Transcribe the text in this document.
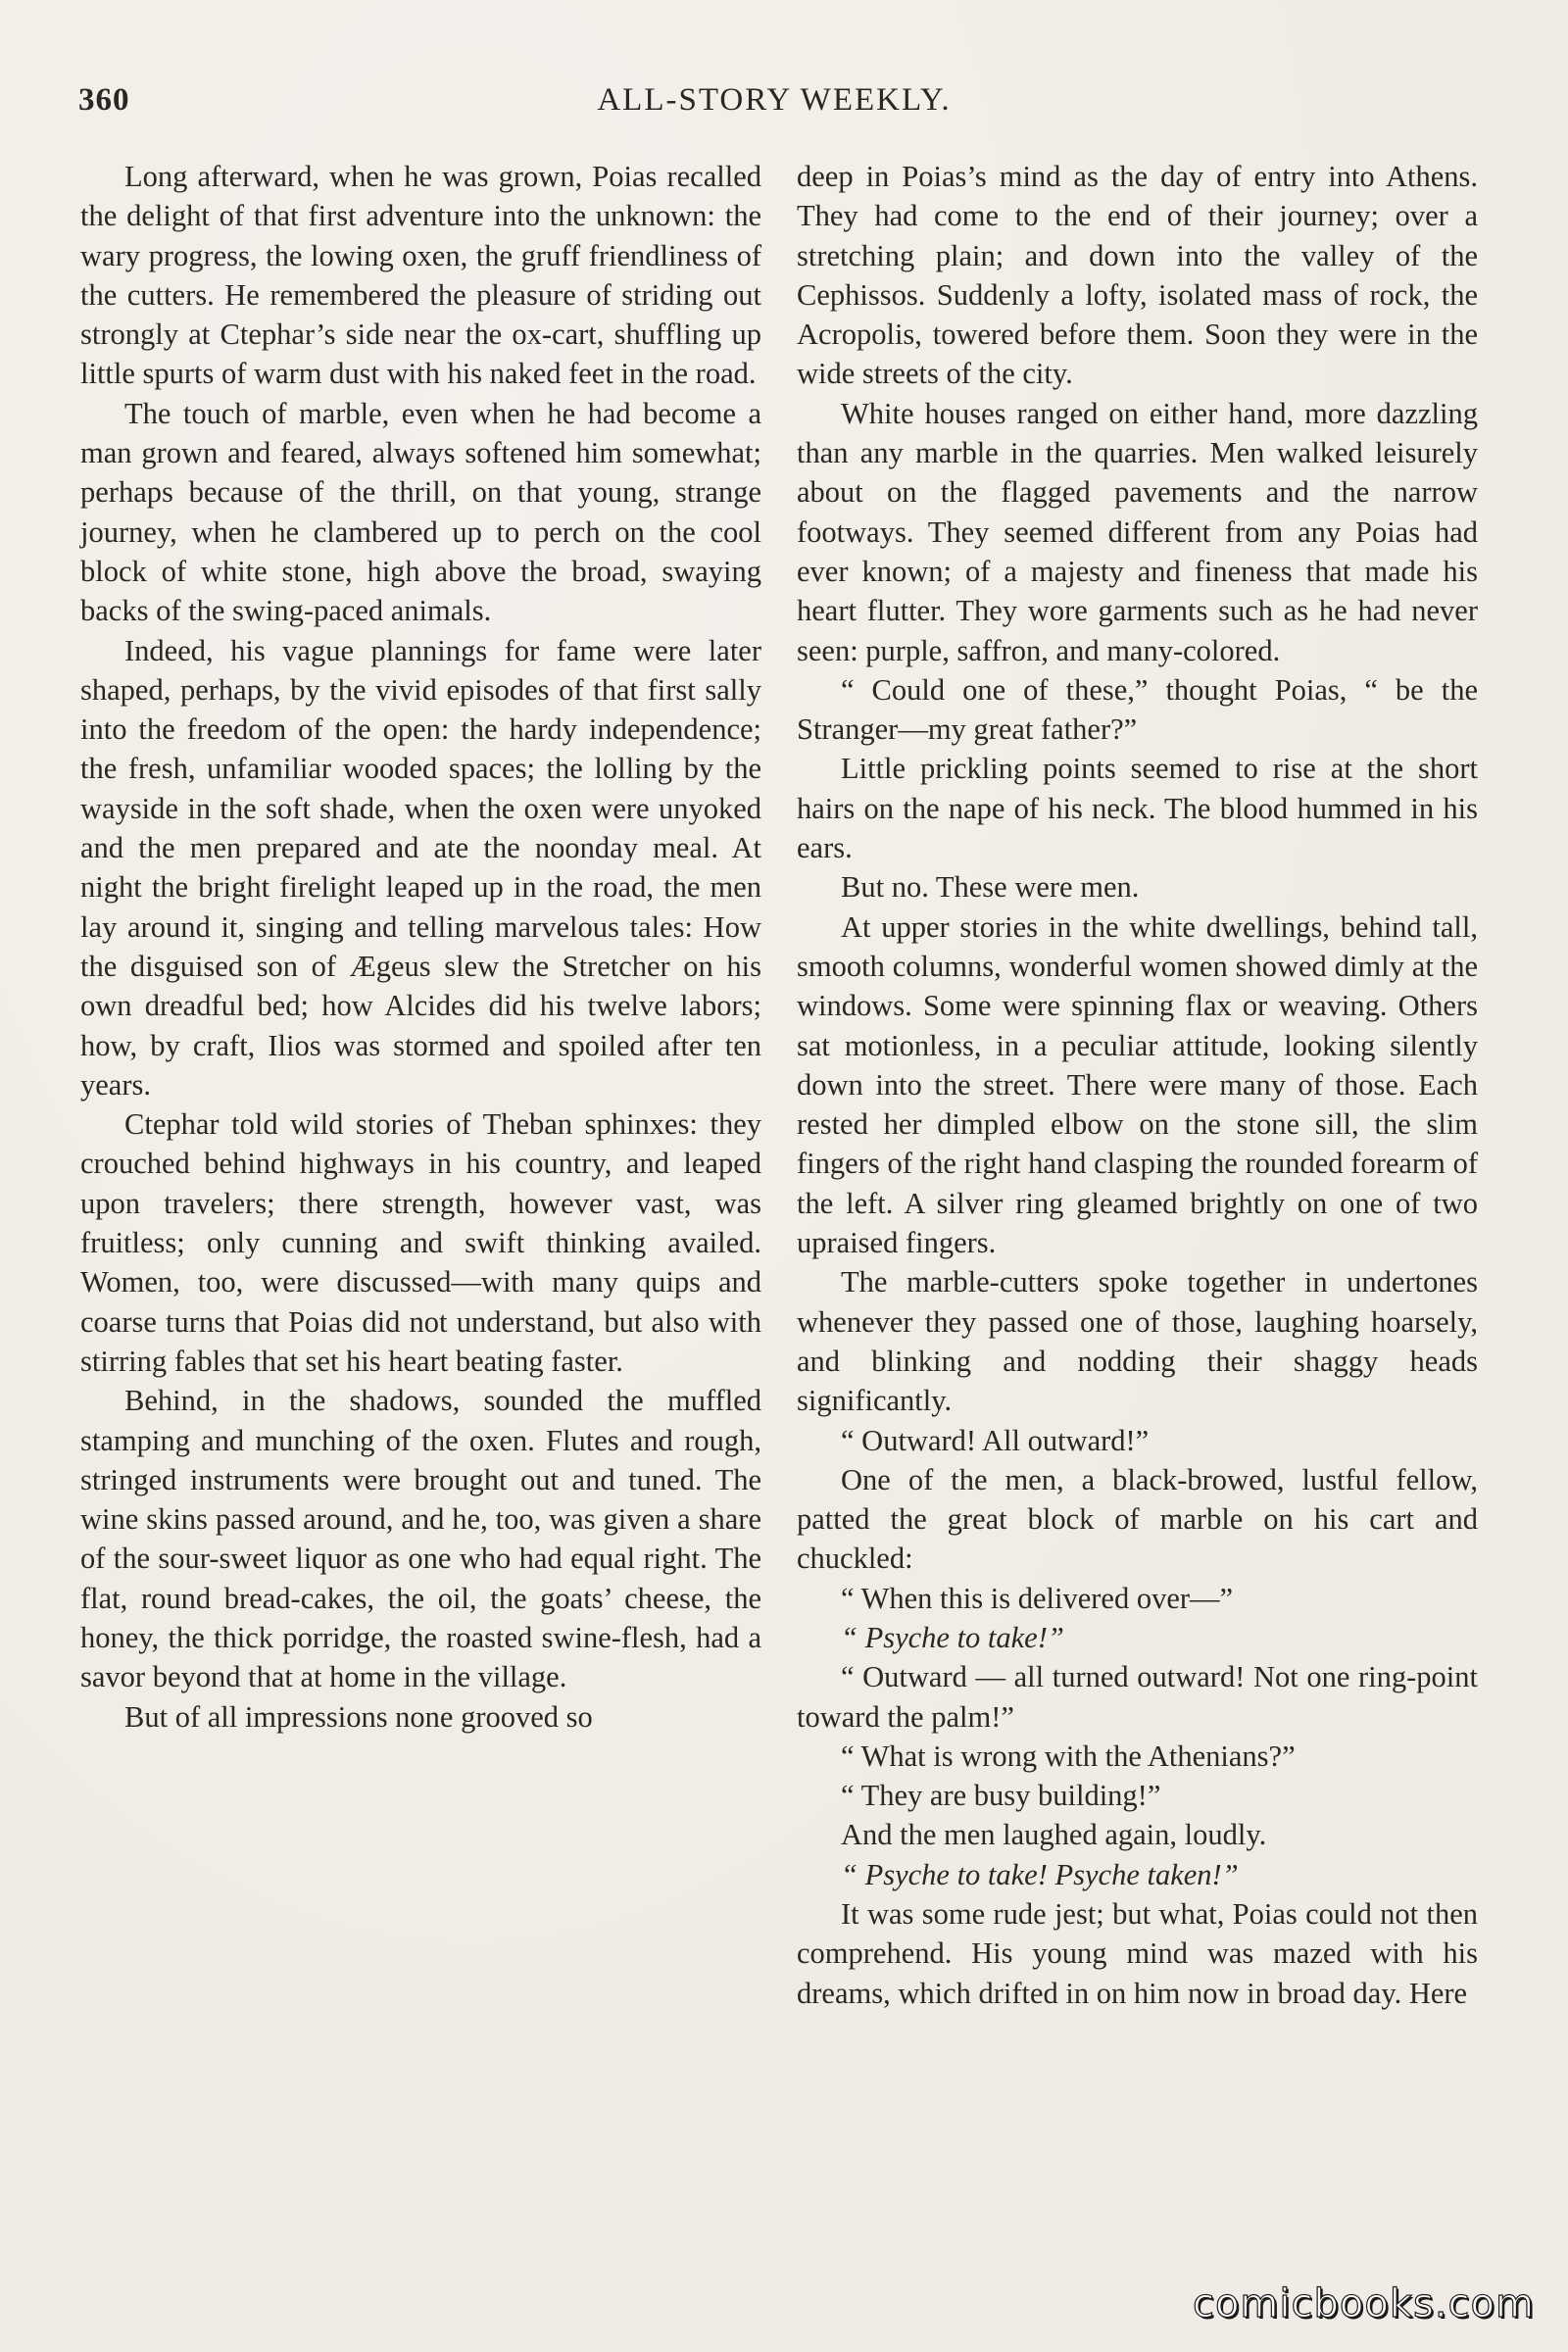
360	ALL-STORY WEEKLY.

Long afterward, when he was grown, Poias recalled the delight of that first adventure into the unknown: the wary progress, the lowing oxen, the gruff friendliness of the cutters. He remembered the pleasure of striding out strongly at Ctephar’s side near the ox-cart, shuffling up little spurts of warm dust with his naked feet in the road.

The touch of marble, even when he had become a man grown and feared, always softened him somewhat; perhaps because of the thrill, on that young, strange journey, when he clambered up to perch on the cool block of white stone, high above the broad, swaying backs of the swing-paced animals.

Indeed, his vague plannings for fame were later shaped, perhaps, by the vivid episodes of that first sally into the freedom of the open: the hardy independence; the fresh, unfamiliar wooded spaces; the lolling by the wayside in the soft shade, when the oxen were unyoked and the men prepared and ate the noonday meal. At night the bright firelight leaped up in the road, the men lay around it, singing and telling marvelous tales: How the disguised son of Ægeus slew the Stretcher on his own dreadful bed; how Alcides did his twelve labors; how, by craft, Ilios was stormed and spoiled after ten years.

Ctephar told wild stories of Theban sphinxes: they crouched behind highways in his country, and leaped upon travelers; there strength, however vast, was fruitless; only cunning and swift thinking availed. Women, too, were discussed—with many quips and coarse turns that Poias did not understand, but also with stirring fables that set his heart beating faster.

Behind, in the shadows, sounded the muffled stamping and munching of the oxen. Flutes and rough, stringed instruments were brought out and tuned. The wine skins passed around, and he, too, was given a share of the sour-sweet liquor as one who had equal right. The flat, round bread-cakes, the oil, the goats’ cheese, the honey, the thick porridge, the roasted swine-flesh, had a savor beyond that at home in the village.

But of all impressions none grooved so

deep in Poias’s mind as the day of entry into Athens. They had come to the end of their journey; over a stretching plain; and down into the valley of the Cephissos. Suddenly a lofty, isolated mass of rock, the Acropolis, towered before them. Soon they were in the wide streets of the city.

White houses ranged on either hand, more dazzling than any marble in the quarries. Men walked leisurely about on the flagged pavements and the narrow footways. They seemed different from any Poias had ever known; of a majesty and fineness that made his heart flutter. They wore garments such as he had never seen: purple, saffron, and many-colored.

“ Could one of these,” thought Poias, “ be the Stranger—my great father?”

Little prickling points seemed to rise at the short hairs on the nape of his neck. The blood hummed in his ears.

But no. These were men.

At upper stories in the white dwellings, behind tall, smooth columns, wonderful women showed dimly at the windows. Some were spinning flax or weaving. Others sat motionless, in a peculiar attitude, looking silently down into the street. There were many of those. Each rested her dimpled elbow on the stone sill, the slim fingers of the right hand clasping the rounded forearm of the left. A silver ring gleamed brightly on one of two upraised fingers.

The marble-cutters spoke together in undertones whenever they passed one of those, laughing hoarsely, and blinking and nodding their shaggy heads significantly.

“ Outward! All outward!”

One of the men, a black-browed, lustful fellow, patted the great block of marble on his cart and chuckled:

“ When this is delivered over—”

“ Psyche to take!”

“ Outward — all turned outward! Not one ring-point toward the palm!”

“ What is wrong with the Athenians?”

“ They are busy building!”

And the men laughed again, loudly.

“ Psyche to take! Psyche taken!”

It was some rude jest; but what, Poias could not then comprehend. His young mind was mazed with his dreams, which drifted in on him now in broad day. Here

comicbooks.com
